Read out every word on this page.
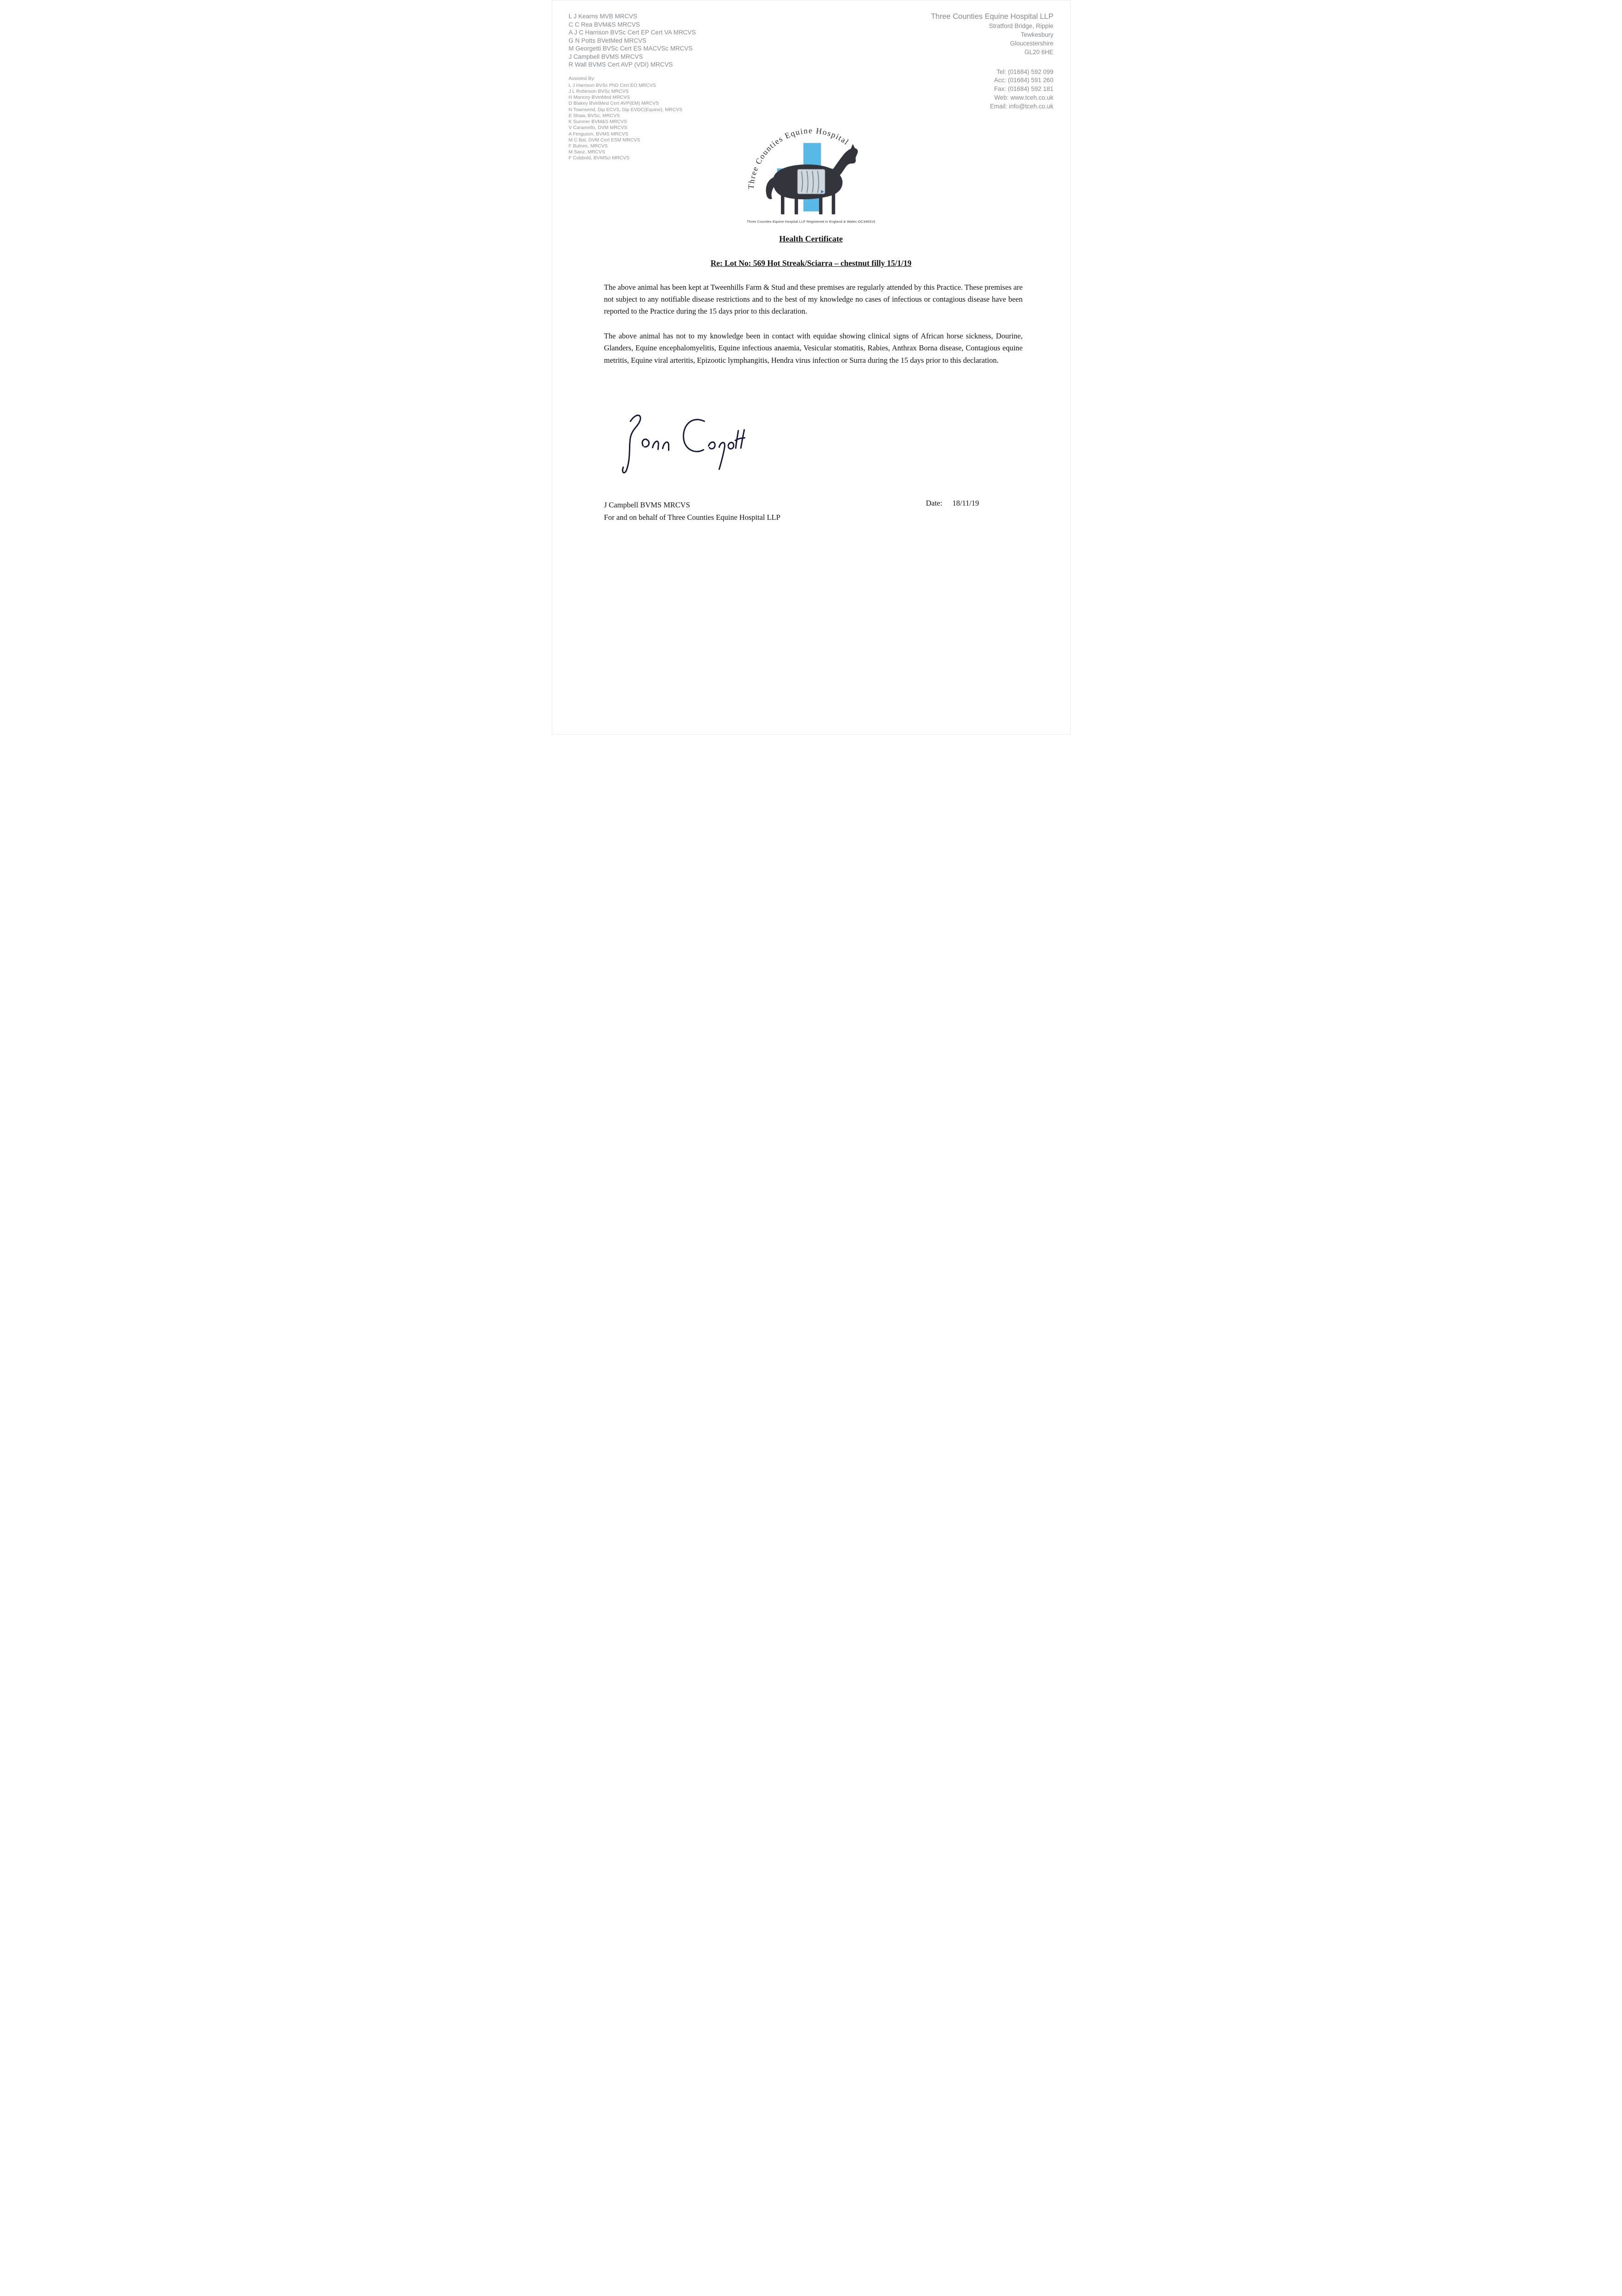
L J Kearns MVB MRCVS
C C Rea BVM&S MRCVS
A J C Harrison BVSc Cert EP Cert VA MRCVS
G N Potts BVetMed MRCVS
M Georgetti BVSc Cert ES MACVSc MRCVS
J Campbell BVMS MRCVS
R Wall BVMS Cert AVP (VDI) MRCVS
Assisted By:
L J Harrison BVSc PhD Cert EO MRCVS
J L Robinson BVSc MRCVS
H Mancey BVetMed MRCVS
D Blakey BVetMed Cert AVP(EM) MRCVS
N Townsend, Dip ECVS, Dip EVDC(Equine), MRCVS
E Shaw, BVSc, MRCVS
K Sumner BVM&S MRCVS
V Caramello, DVM MRCVS
A Ferguson, BVMS MRCVS
M C Bal, DVM Cert ESM MRCVS
F Bulnes, MRCVS
M Sanz, MRCVS
F Cobbold, BVMSci MRCVS
Three Counties Equine Hospital LLP
Stratford Bridge, Ripple
Tewkesbury
Gloucestershire
GL20 6HE
Tel: (01684) 592 099
Acc: (01684) 591 260
Fax: (01684) 592 181
Web: www.tceh.co.uk
Email: info@tceh.co.uk
Three Counties Equine Hospital
Three Counties Equine Hospital LLP Registered in England & Wales OC346516
Health Certificate
Re: Lot No: 569 Hot Streak/Sciarra – chestnut filly 15/1/19

The above animal has been kept at Tweenhills Farm & Stud and these premises are regularly attended by this Practice. These premises are not subject to any notifiable disease restrictions and to the best of my knowledge no cases of infectious or contagious disease have been reported to the Practice during the 15 days prior to this declaration.

The above animal has not to my knowledge been in contact with equidae showing clinical signs of African horse sickness, Dourine, Glanders, Equine encephalomyelitis, Equine infectious anaemia, Vesicular stomatitis, Rabies, Anthrax Borna disease, Contagious equine metritis, Equine viral arteritis, Epizootic lymphangitis, Hendra virus infection or Surra during the 15 days prior to this declaration.

J Campbell BVMS MRCVS
For and on behalf of Three Counties Equine Hospital LLP
Date: 18/11/19
